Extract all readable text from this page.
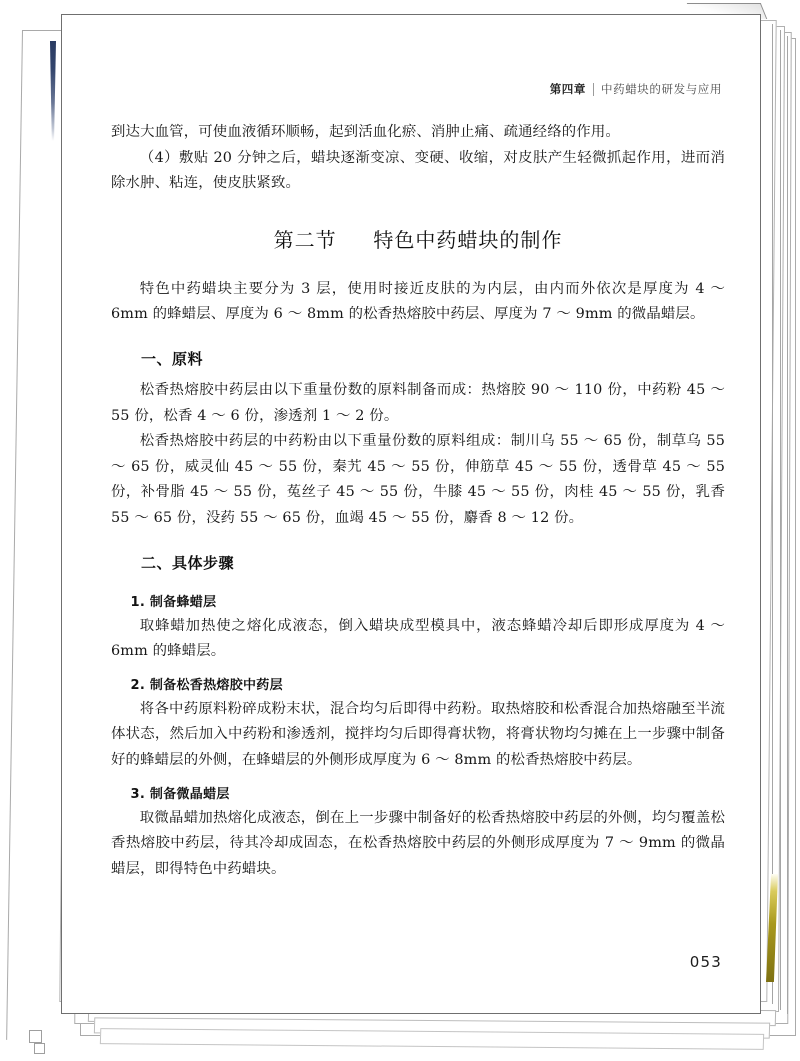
第四章 中药蜡块的研发与应用

到达大血管，可使血液循环顺畅，起到活血化瘀、消肿止痛、疏通经络的作用。

（4）敷贴 20 分钟之后，蜡块逐渐变凉、变硬、收缩，对皮肤产生轻微抓起作用，进而消除水肿、粘连，使皮肤紧致。

第二节 特色中药蜡块的制作

特色中药蜡块主要分为 3 层，使用时接近皮肤的为内层，由内而外依次是厚度为 4 ～ 6mm 的蜂蜡层、厚度为 6 ～ 8mm 的松香热熔胶中药层、厚度为 7 ～ 9mm 的微晶蜡层。

一、原料

松香热熔胶中药层由以下重量份数的原料制备而成：热熔胶 90 ～ 110 份，中药粉 45 ～ 55 份，松香 4 ～ 6 份，渗透剂 1 ～ 2 份。

松香热熔胶中药层的中药粉由以下重量份数的原料组成：制川乌 55 ～ 65 份，制草乌 55 ～ 65 份，威灵仙 45 ～ 55 份，秦艽 45 ～ 55 份，伸筋草 45 ～ 55 份，透骨草 45 ～ 55 份，补骨脂 45 ～ 55 份，菟丝子 45 ～ 55 份，牛膝 45 ～ 55 份，肉桂 45 ～ 55 份，乳香 55 ～ 65 份，没药 55 ～ 65 份，血竭 45 ～ 55 份，麝香 8 ～ 12 份。

二、具体步骤
1. 制备蜂蜡层

取蜂蜡加热使之熔化成液态，倒入蜡块成型模具中，液态蜂蜡冷却后即形成厚度为 4 ～ 6mm 的蜂蜡层。

2. 制备松香热熔胶中药层

将各中药原料粉碎成粉末状，混合均匀后即得中药粉。取热熔胶和松香混合加热熔融至半流体状态，然后加入中药粉和渗透剂，搅拌均匀后即得膏状物，将膏状物均匀摊在上一步骤中制备好的蜂蜡层的外侧，在蜂蜡层的外侧形成厚度为 6 ～ 8mm 的松香热熔胶中药层。

3. 制备微晶蜡层

取微晶蜡加热熔化成液态，倒在上一步骤中制备好的松香热熔胶中药层的外侧，均匀覆盖松香热熔胶中药层，待其冷却成固态，在松香热熔胶中药层的外侧形成厚度为 7 ～ 9mm 的微晶蜡层，即得特色中药蜡块。

053
